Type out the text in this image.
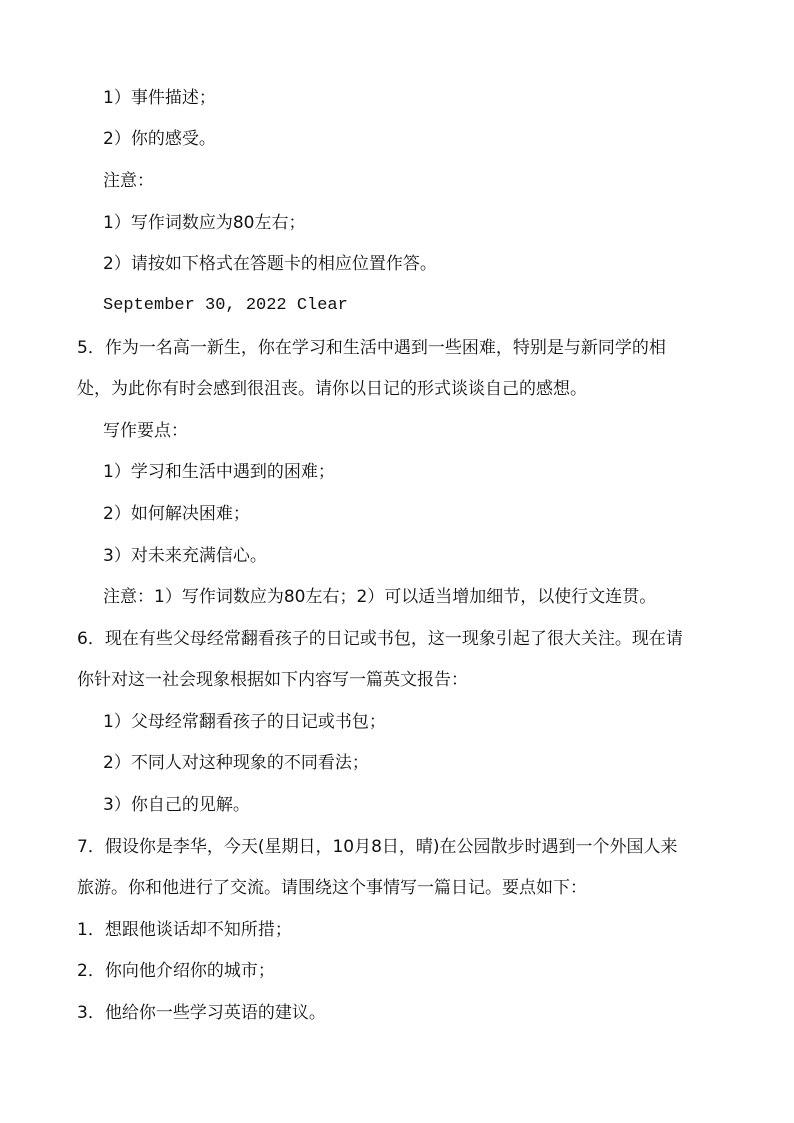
1）事件描述；
2）你的感受。
注意：
1）写作词数应为80左右；
2）请按如下格式在答题卡的相应位置作答。
September 30, 2022 Clear
5．作为一名高一新生，你在学习和生活中遇到一些困难，特别是与新同学的相
处，为此你有时会感到很沮丧。请你以日记的形式谈谈自己的感想。
写作要点：
1）学习和生活中遇到的困难；
2）如何解决困难；
3）对未来充满信心。
注意：1）写作词数应为80左右；2）可以适当增加细节，以使行文连贯。
6．现在有些父母经常翻看孩子的日记或书包，这一现象引起了很大关注。现在请
你针对这一社会现象根据如下内容写一篇英文报告：
1）父母经常翻看孩子的日记或书包；
2）不同人对这种现象的不同看法；
3）你自己的见解。
7．假设你是李华，今天(星期日，10月8日，晴)在公园散步时遇到一个外国人来
旅游。你和他进行了交流。请围绕这个事情写一篇日记。要点如下：
1．想跟他谈话却不知所措；
2．你向他介绍你的城市；
3．他给你一些学习英语的建议。
